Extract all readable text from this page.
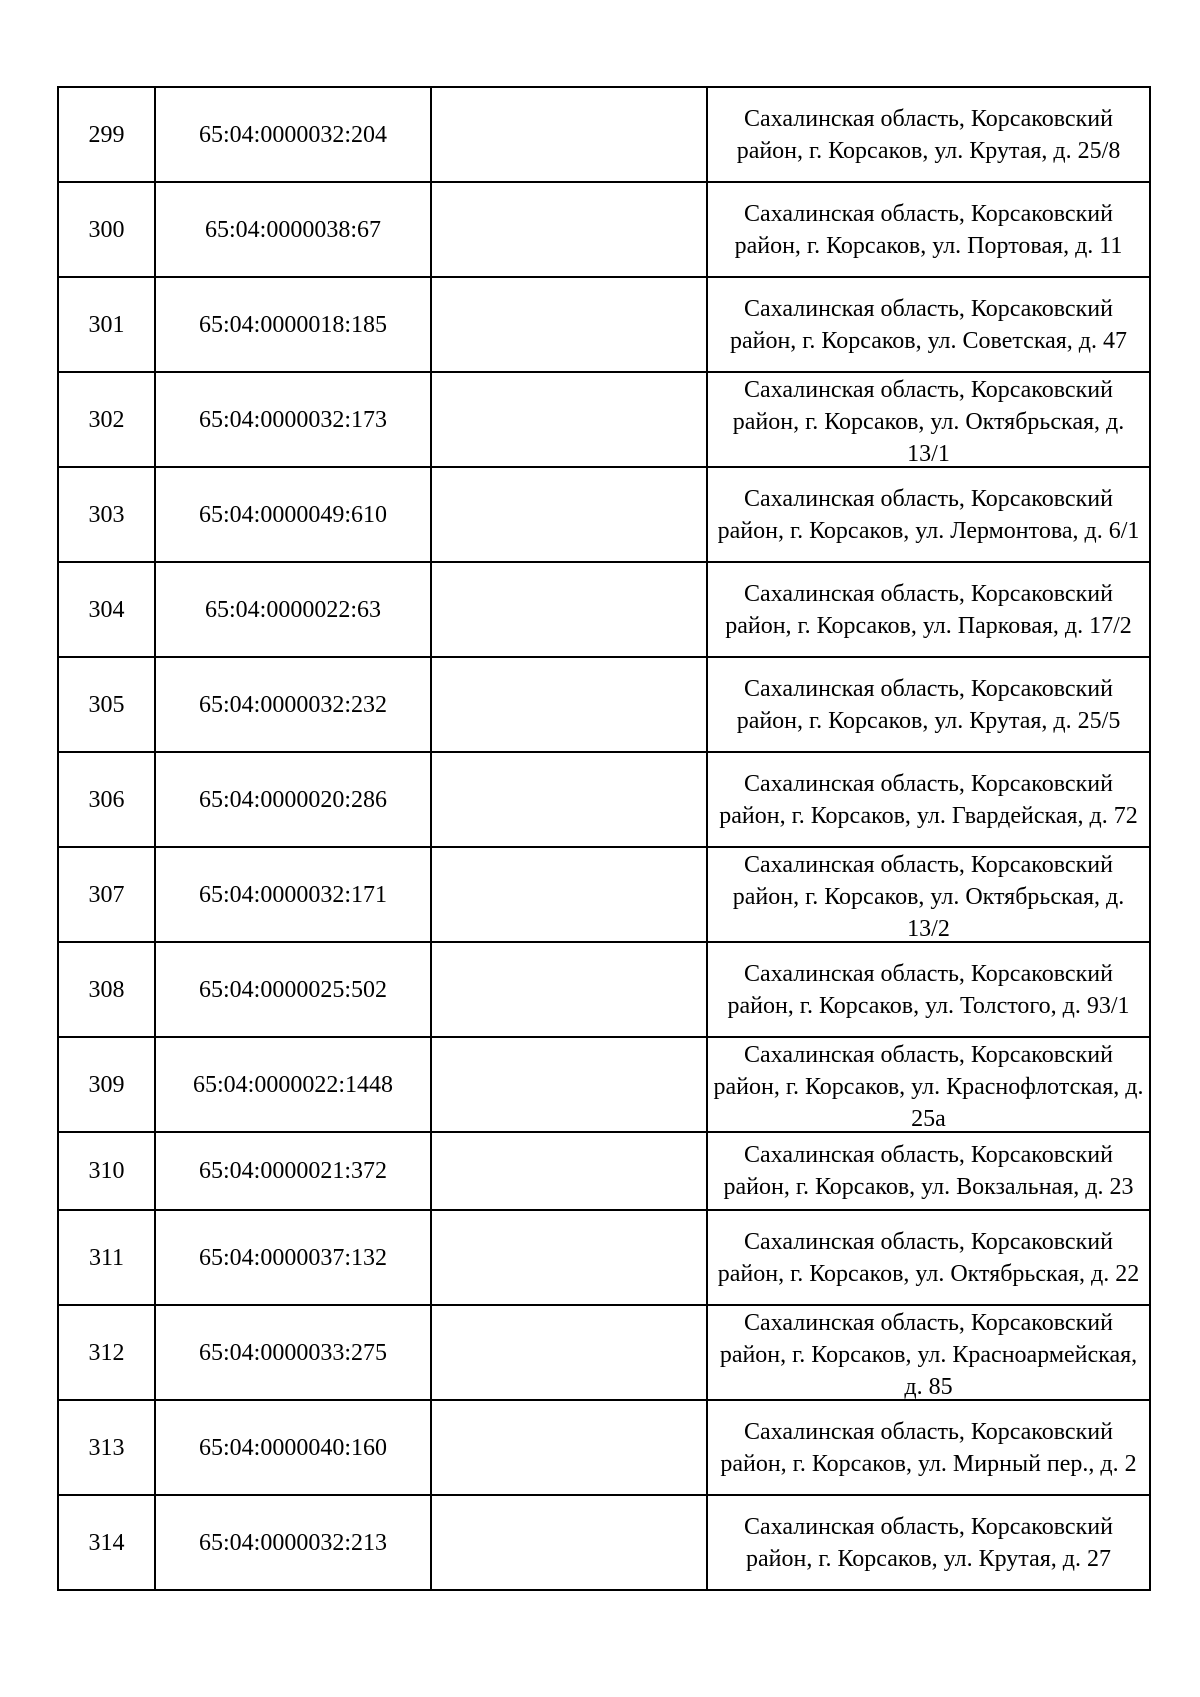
299	65:04:0000032:204		Сахалинская область, Корсаковский район, г. Корсаков, ул. Крутая, д. 25/8

300	65:04:0000038:67		Сахалинская область, Корсаковский район, г. Корсаков, ул. Портовая, д. 11

301	65:04:0000018:185		Сахалинская область, Корсаковский район, г. Корсаков, ул. Советская, д. 47

302	65:04:0000032:173		Сахалинская область, Корсаковский район, г. Корсаков, ул. Октябрьская, д. 13/1

303	65:04:0000049:610		Сахалинская область, Корсаковский район, г. Корсаков, ул. Лермонтова, д. 6/1

304	65:04:0000022:63		Сахалинская область, Корсаковский район, г. Корсаков, ул. Парковая, д. 17/2

305	65:04:0000032:232		Сахалинская область, Корсаковский район, г. Корсаков, ул. Крутая, д. 25/5

306	65:04:0000020:286		Сахалинская область, Корсаковский район, г. Корсаков, ул. Гвардейская, д. 72

307	65:04:0000032:171		Сахалинская область, Корсаковский район, г. Корсаков, ул. Октябрьская, д. 13/2

308	65:04:0000025:502		Сахалинская область, Корсаковский район, г. Корсаков, ул. Толстого, д. 93/1

309	65:04:0000022:1448		Сахалинская область, Корсаковский район, г. Корсаков, ул. Краснофлотская, д. 25а

310	65:04:0000021:372		Сахалинская область, Корсаковский район, г. Корсаков, ул. Вокзальная, д. 23

311	65:04:0000037:132		Сахалинская область, Корсаковский район, г. Корсаков, ул. Октябрьская, д. 22

312	65:04:0000033:275		Сахалинская область, Корсаковский район, г. Корсаков, ул. Красноармейская, д. 85

313	65:04:0000040:160		Сахалинская область, Корсаковский район, г. Корсаков, ул. Мирный пер., д. 2

314	65:04:0000032:213		Сахалинская область, Корсаковский район, г. Корсаков, ул. Крутая, д. 27
